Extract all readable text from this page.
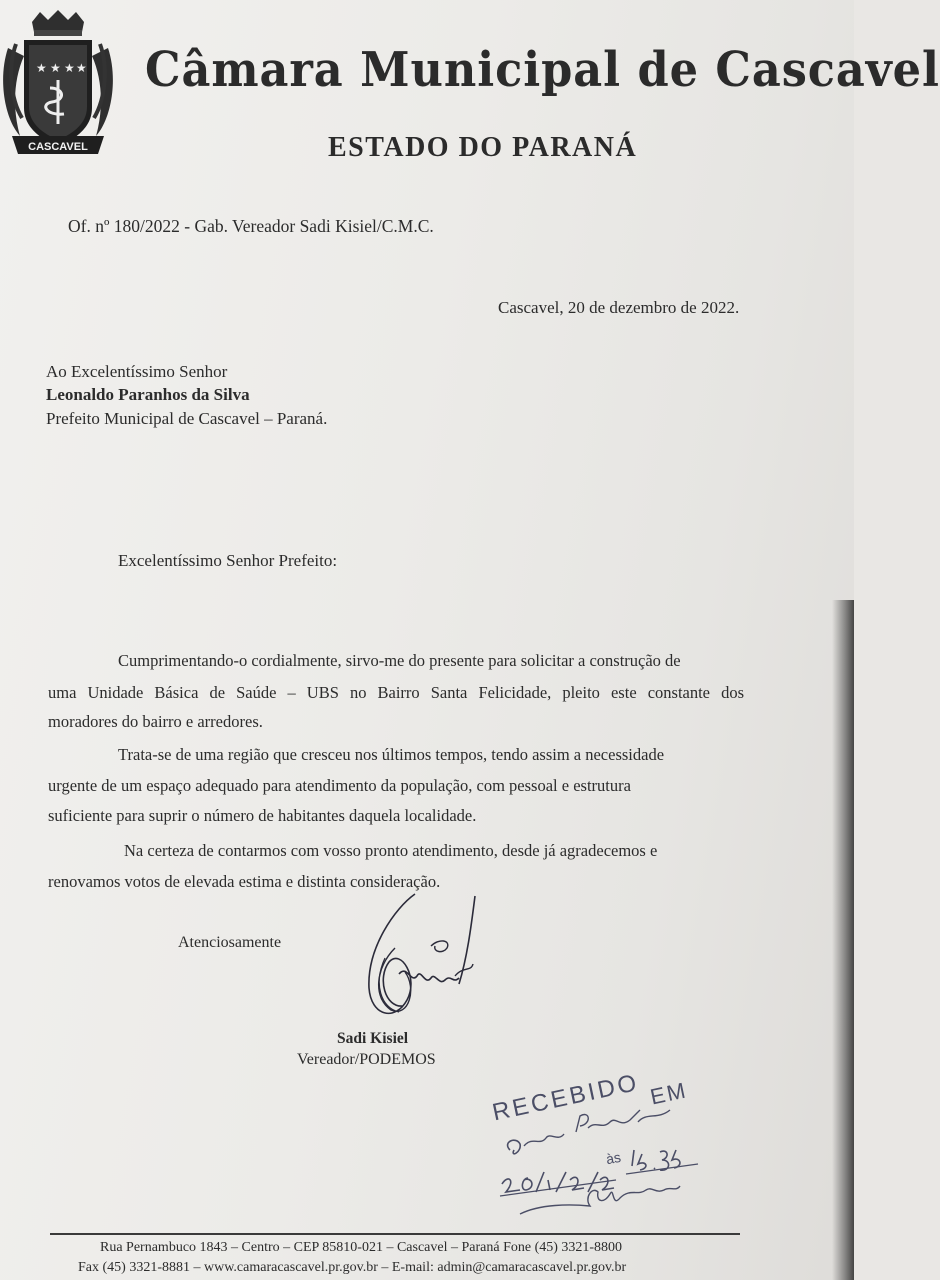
★ ★ ★ ★
CASCAVEL
Câmara Municipal de Cascavel
ESTADO DO PARANÁ
Of. nº 180/2022 - Gab. Vereador Sadi Kisiel/C.M.C.
Cascavel, 20 de dezembro de 2022.
Ao Excelentíssimo Senhor
Leonaldo Paranhos da Silva
Prefeito Municipal de Cascavel – Paraná.
Excelentíssimo Senhor Prefeito:
Cumprimentando-o cordialmente, sirvo-me do presente para solicitar a construção de
uma Unidade Básica de Saúde – UBS no Bairro Santa Felicidade, pleito este constante dos
moradores do bairro e arredores.
Trata-se de uma região que cresceu nos últimos tempos, tendo assim a necessidade
urgente de um espaço adequado para atendimento da população, com pessoal e estrutura
suficiente para suprir o número de habitantes daquela localidade.
Na certeza de contarmos com vosso pronto atendimento, desde já agradecemos e
renovamos votos de elevada estima e distinta consideração.
Atenciosamente
Sadi Kisiel
Vereador/PODEMOS
RECEBIDO EM
às
Rua Pernambuco 1843 – Centro – CEP 85810-021 – Cascavel – Paraná Fone (45) 3321-8800
Fax (45) 3321-8881 – www.camaracascavel.pr.gov.br – E-mail: admin@camaracascavel.pr.gov.br
